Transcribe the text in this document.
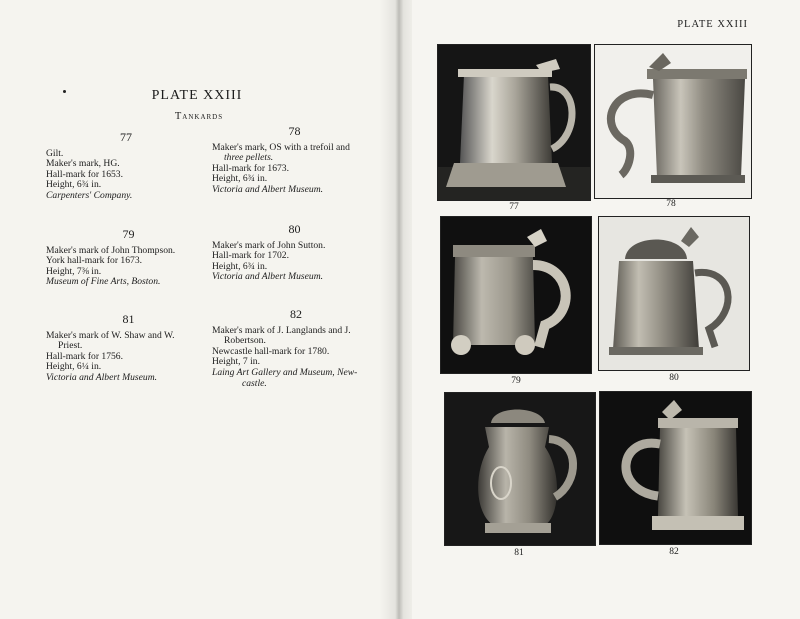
PLATE XXIII
Tankards
77
Gilt.
Maker's mark, HG.
Hall-mark for 1653.
Height, 6¾ in.
Carpenters' Company.
78
Maker's mark, OS with a trefoil and
three pellets.
Hall-mark for 1673.
Height, 6¾ in.
Victoria and Albert Museum.
79
Maker's mark of John Thompson.
York hall-mark for 1673.
Height, 7⅜ in.
Museum of Fine Arts, Boston.
80
Maker's mark of John Sutton.
Hall-mark for 1702.
Height, 6¾ in.
Victoria and Albert Museum.
81
Maker's mark of W. Shaw and W.
Priest.
Hall-mark for 1756.
Height, 6¼ in.
Victoria and Albert Museum.
82
Maker's mark of J. Langlands and J.
Robertson.
Newcastle hall-mark for 1780.
Height, 7 in.
Laing Art Gallery and Museum, New-
castle.
PLATE XXIII
77	78
79	80
81	82
